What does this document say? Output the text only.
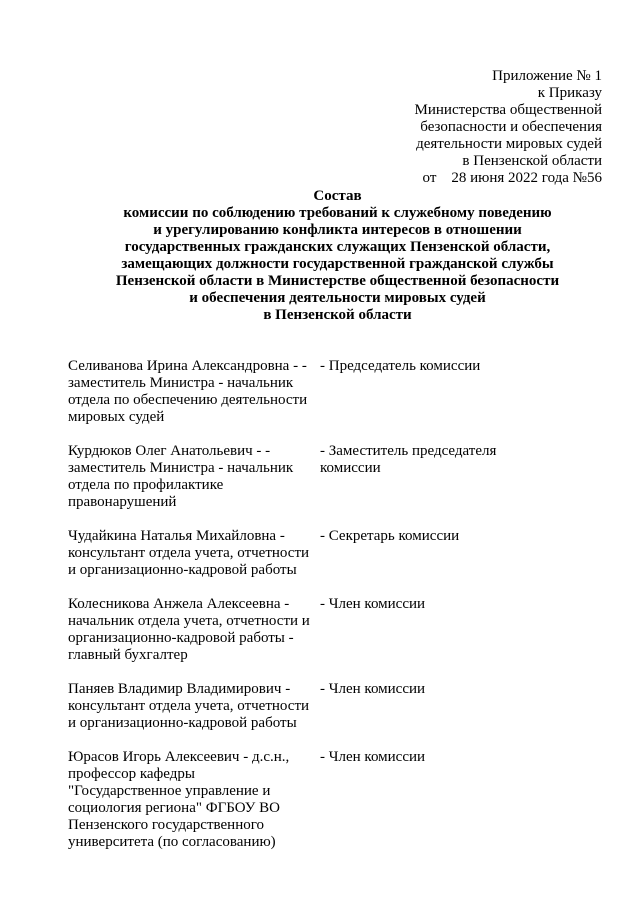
Приложение № 1
к Приказу
Министерства общественной
безопасности и обеспечения
деятельности мировых судей
в Пензенской области
от    28 июня 2022 года №56
Состав
комиссии по соблюдению требований к служебному поведению
и урегулированию конфликта интересов в отношении
государственных гражданских служащих Пензенской области,
замещающих должности государственной гражданской службы
Пензенской области в Министерстве общественной безопасности
и обеспечения деятельности мировых судей
в Пензенской области
Селиванова Ирина Александровна - -
заместитель Министра - начальник
отдела по обеспечению деятельности
мировых судей
- Председатель комиссии
Курдюков Олег Анатольевич - -
заместитель Министра - начальник
отдела по профилактике
правонарушений
- Заместитель председателя
комиссии
Чудайкина Наталья Михайловна -
консультант отдела учета, отчетности
и организационно-кадровой работы
- Секретарь комиссии
Колесникова Анжела Алексеевна -
начальник отдела учета, отчетности и
организационно-кадровой работы -
главный бухгалтер
- Член комиссии
Паняев Владимир Владимирович -
консультант отдела учета, отчетности
и организационно-кадровой работы
- Член комиссии
Юрасов Игорь Алексеевич - д.с.н.,
профессор кафедры
"Государственное управление и
социология региона" ФГБОУ ВО
Пензенского государственного
университета (по согласованию)
- Член комиссии
